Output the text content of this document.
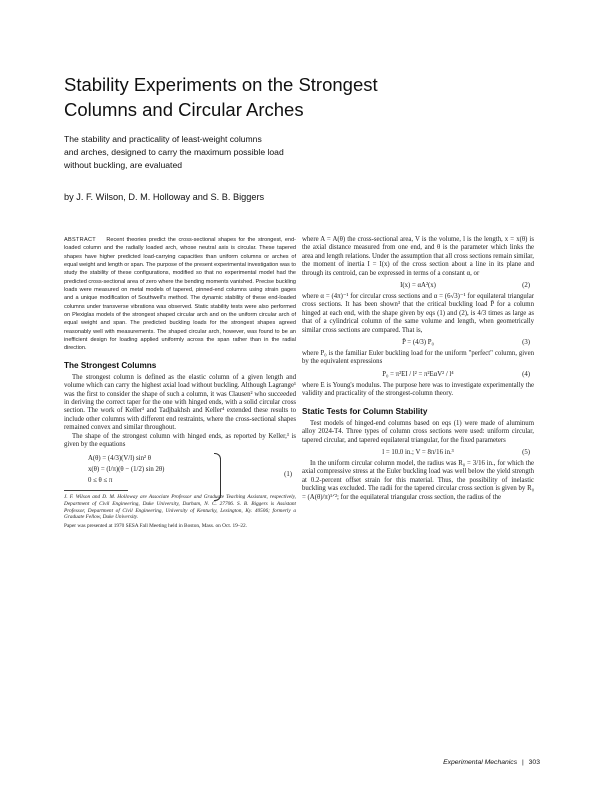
Stability Experiments on the Strongest
Columns and Circular Arches
The stability and practicality of least-weight columns
and arches, designed to carry the maximum possible load
without buckling, are evaluated
by J. F. Wilson, D. M. Holloway and S. B. Biggers

ABSTRACT Recent theories predict the cross-sectional shapes for the strongest, end-loaded column and the radially loaded arch, whose neutral axis is circular. These tapered shapes have higher predicted load-carrying capacities than uniform columns or arches of equal weight and length or span. The purpose of the present experimental investigation was to study the stability of these configurations, modified so that no experimental model had the predicted cross-sectional area of zero where the bending moments vanished. Precise buckling loads were measured on metal models of tapered, pinned-end columns using strain gages and a unique modification of Southwell's method. The dynamic stability of these end-loaded columns under transverse vibrations was observed. Static stability tests were also performed on Plexiglas models of the strongest shaped circular arch and on the uniform circular arch of equal weight and span. The predicted buckling loads for the strongest shapes agreed reasonably well with measurements. The shaped circular arch, however, was found to be an inefficient design for loading applied uniformly across the span rather than in the radial direction.

The Strongest Columns

The strongest column is defined as the elastic column of a given length and volume which can carry the highest axial load without buckling. Although Lagrange¹ was the first to consider the shape of such a column, it was Clausen² who succeeded in deriving the correct taper for the one with hinged ends, with a solid circular cross section. The work of Keller³ and Tadjbakhsh and Keller⁴ extended these results to include other columns with different end restraints, where the cross-sectional shapes remained convex and similar throughout.

The shape of the strongest column with hinged ends, as reported by Keller,³ is given by the equations

A(θ) = (4/3)(V/l) sin² θ
x(θ) = (l/π)(θ − (1/2) sin 2θ)
0 ≤ θ ≤ π
(1)

J. F. Wilson and D. M. Holloway are Associate Professor and Graduate Teaching Assistant, respectively, Department of Civil Engineering, Duke University, Durham, N. C. 27706. S. B. Biggers is Assistant Professor, Department of Civil Engineering, University of Kentucky, Lexington, Ky. 40506; formerly a Graduate Fellow, Duke University.

Paper was presented at 1970 SESA Fall Meeting held in Boston, Mass. on Oct. 19–22.

where A = A(θ) the cross-sectional area, V is the volume, l is the length, x = x(θ) is the axial distance measured from one end, and θ is the parameter which links the area and length relations. Under the assumption that all cross sections remain similar, the moment of inertia I = I(x) of the cross section about a line in its plane and through its centroid, can be expressed in terms of a constant α, or

I(x) = αA²(x)	(2)

where α = (4π)⁻¹ for circular cross sections and α = (6√3)⁻¹ for equilateral triangular cross sections. It has been shown³ that the critical buckling load P̄ for a column hinged at each end, with the shape given by eqs (1) and (2), is 4/3 times as large as that of a cylindrical column of the same volume and length, when geometrically similar cross sections are compared. That is,

P̄ = (4/3) P₀	(3)

where P₀ is the familiar Euler buckling load for the uniform "perfect" column, given by the equivalent expressions

P₀ = π²EI / l² = π²EαV² / l⁴	(4)

where E is Young's modulus. The purpose here was to investigate experimentally the validity and practicality of the strongest-column theory.

Static Tests for Column Stability

Test models of hinged-end columns based on eqs (1) were made of aluminum alloy 2024-T4. Three types of column cross sections were used: uniform circular, tapered circular, and tapered equilateral triangular, for the fixed parameters

l = 10.0 in.; V = 8π/16 in.³	(5)

In the uniform circular column model, the radius was R₀ = 3/16 in., for which the axial compressive stress at the Euler buckling load was well below the yield strength at 0.2-percent offset strain for this material. Thus, the possibility of inelastic buckling was excluded. The radii for the tapered circular cross section is given by R₀ = (A(θ)/π)¹ᐟ²; for the equilateral triangular cross section, the radius of the

Experimental Mechanics | 303
